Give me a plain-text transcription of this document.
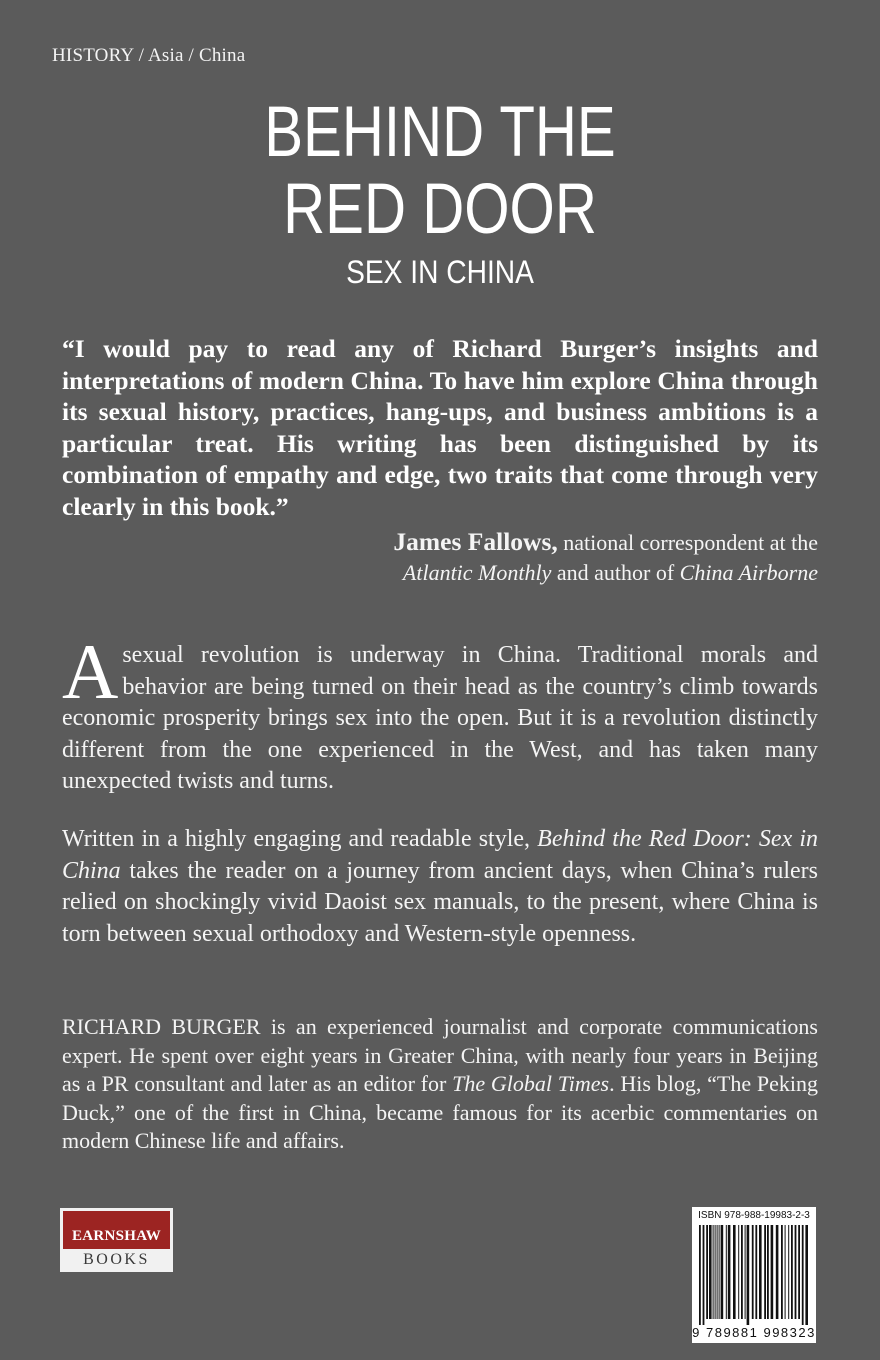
HISTORY / Asia / China
BEHIND THE
RED DOOR
SEX IN CHINA
“I would pay to read any of Richard Burger’s insights and interpretations of modern China. To have him explore China through its sexual history, practices, hang-ups, and business ambitions is a particular treat. His writing has been distinguished by its combination of empathy and edge, two traits that come through very clearly in this book.”
James Fallows, national correspondent at the
Atlantic Monthly and author of China Airborne
A sexual revolution is underway in China. Traditional morals and behavior are being turned on their head as the country’s climb towards economic prosperity brings sex into the open. But it is a revolution distinctly different from the one experienced in the West, and has taken many unexpected twists and turns.
Written in a highly engaging and readable style, Behind the Red Door: Sex in China takes the reader on a journey from ancient days, when China’s rulers relied on shockingly vivid Daoist sex manuals, to the present, where China is torn between sexual orthodoxy and Western-style openness.
RICHARD BURGER is an experienced journalist and corporate communications expert. He spent over eight years in Greater China, with nearly four years in Beijing as a PR consultant and later as an editor for The Global Times. His blog, “The Peking Duck,” one of the first in China, became famous for its acerbic commentaries on modern Chinese life and affairs.
EARNSHAW
BOOKS
ISBN 978-988-19983-2-3
9 789881 998323
